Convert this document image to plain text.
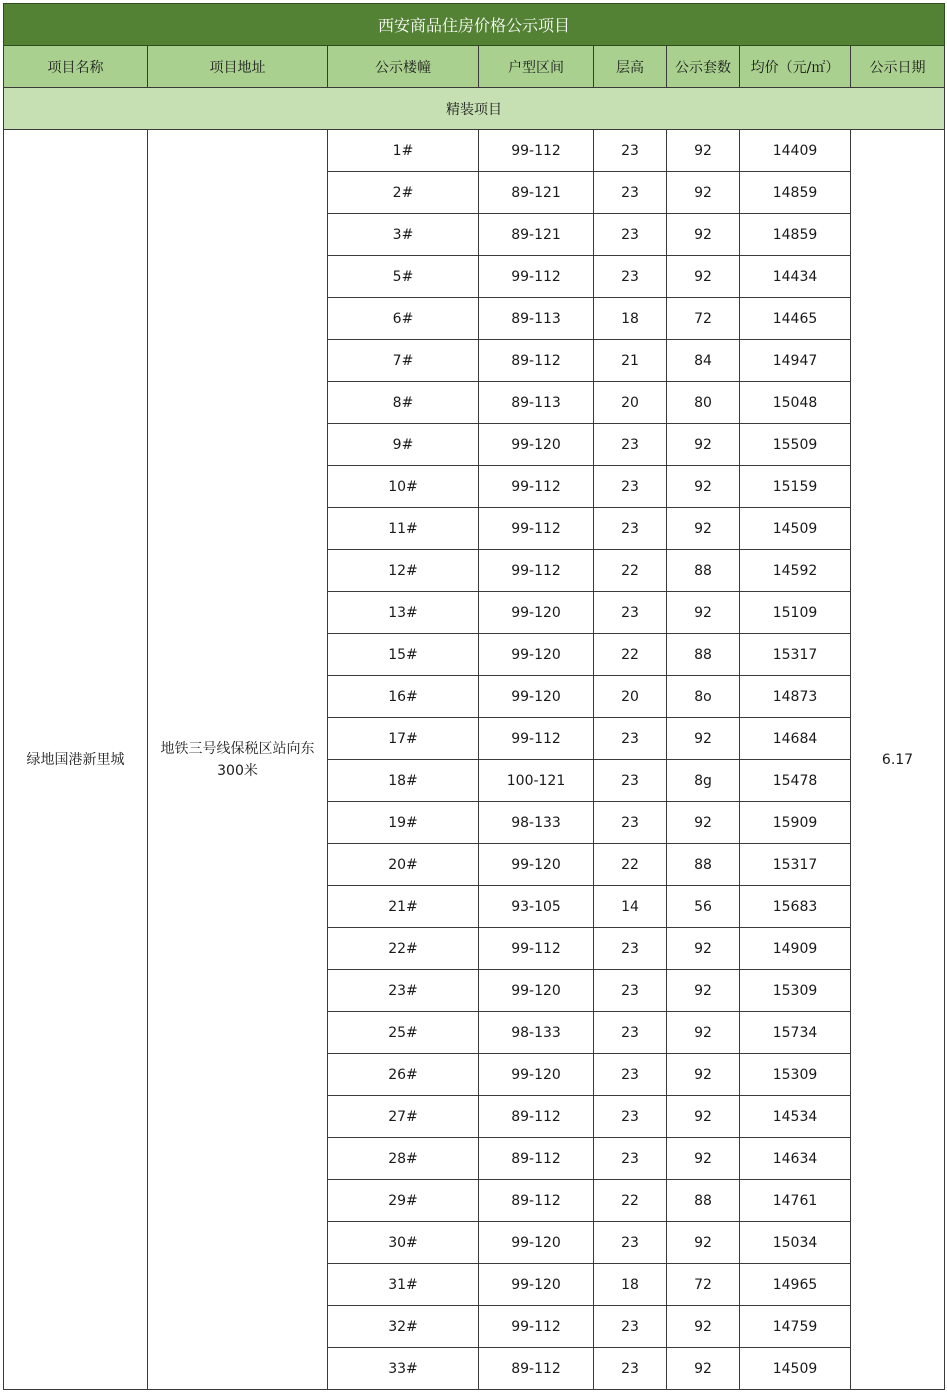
西安商品住房价格公示项目							
项目名称	项目地址	公示楼幢	户型区间	层高	公示套数	均价（元/㎡）	公示日期
精装项目							
绿地国港新里城	地铁三号线保税区站向东300米	1#	99-112	23	92	14409	6.17
		2#	89-121	23	92	14859	
		3#	89-121	23	92	14859	
		5#	99-112	23	92	14434	
		6#	89-113	18	72	14465	
		7#	89-112	21	84	14947	
		8#	89-113	20	80	15048	
		9#	99-120	23	92	15509	
		10#	99-112	23	92	15159	
		11#	99-112	23	92	14509	
		12#	99-112	22	88	14592	
		13#	99-120	23	92	15109	
		15#	99-120	22	88	15317	
		16#	99-120	20	8o	14873	
		17#	99-112	23	92	14684	
		18#	100-121	23	8g	15478	
		19#	98-133	23	92	15909	
		20#	99-120	22	88	15317	
		21#	93-105	14	56	15683	
		22#	99-112	23	92	14909	
		23#	99-120	23	92	15309	
		25#	98-133	23	92	15734	
		26#	99-120	23	92	15309	
		27#	89-112	23	92	14534	
		28#	89-112	23	92	14634	
		29#	89-112	22	88	14761	
		30#	99-120	23	92	15034	
		31#	99-120	18	72	14965	
		32#	99-112	23	92	14759	
		33#	89-112	23	92	14509	
